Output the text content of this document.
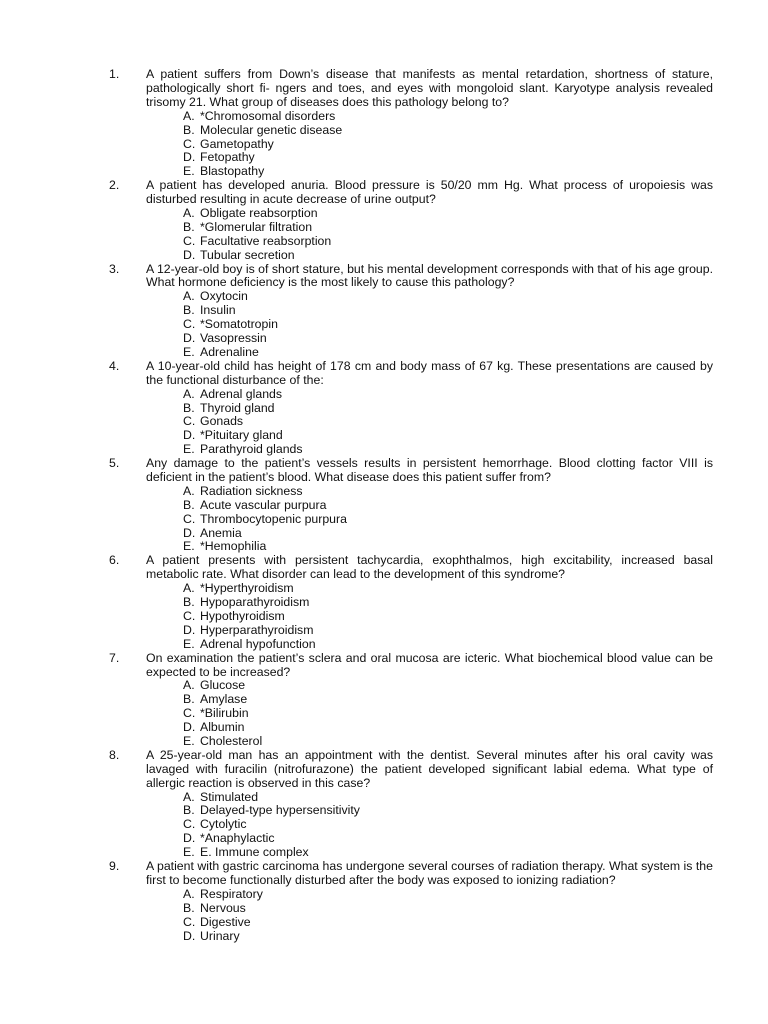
1. A patient suffers from Down’s disease that manifests as mental retardation, shortness of stature, pathologically short fi- ngers and toes, and eyes with mongoloid slant. Karyotype analysis revealed trisomy 21. What group of diseases does this pathology belong to?
A. *Chromosomal disorders
B. Molecular genetic disease
C. Gametopathy
D. Fetopathy
E. Blastopathy
2. A patient has developed anuria. Blood pressure is 50/20 mm Hg. What process of uropoiesis was disturbed resulting in acute decrease of urine output?
A. Obligate reabsorption
B. *Glomerular filtration
C. Facultative reabsorption
D. Tubular secretion
3. A 12-year-old boy is of short stature, but his mental development corresponds with that of his age group. What hormone deficiency is the most likely to cause this pathology?
A. Oxytocin
B. Insulin
C. *Somatotropin
D. Vasopressin
E. Adrenaline
4. A 10-year-old child has height of 178 cm and body mass of 67 kg. These presentations are caused by the functional disturbance of the:
A. Adrenal glands
B. Thyroid gland
C. Gonads
D. *Pituitary gland
E. Parathyroid glands
5. Any damage to the patient’s vessels results in persistent hemorrhage. Blood clotting factor VIII is deficient in the patient’s blood. What disease does this patient suffer from?
A. Radiation sickness
B. Acute vascular purpura
C. Thrombocytopenic purpura
D. Anemia
E. *Hemophilia
6. A patient presents with persistent tachycardia, exophthalmos, high excitability, increased basal metabolic rate. What disorder can lead to the development of this syndrome?
A. *Hyperthyroidism
B. Hypoparathyroidism
C. Hypothyroidism
D. Hyperparathyroidism
E. Adrenal hypofunction
7. On examination the patient’s sclera and oral mucosa are icteric. What biochemical blood value can be expected to be increased?
A. Glucose
B. Amylase
C. *Bilirubin
D. Albumin
E. Cholesterol
8. A 25-year-old man has an appointment with the dentist. Several minutes after his oral cavity was lavaged with furacilin (nitrofurazone) the patient developed significant labial edema. What type of allergic reaction is observed in this case?
A. Stimulated
B. Delayed-type hypersensitivity
C. Cytolytic
D. *Anaphylactic
E. E. Immune complex
9. A patient with gastric carcinoma has undergone several courses of radiation therapy. What system is the first to become functionally disturbed after the body was exposed to ionizing radiation?
A. Respiratory
B. Nervous
C. Digestive
D. Urinary
